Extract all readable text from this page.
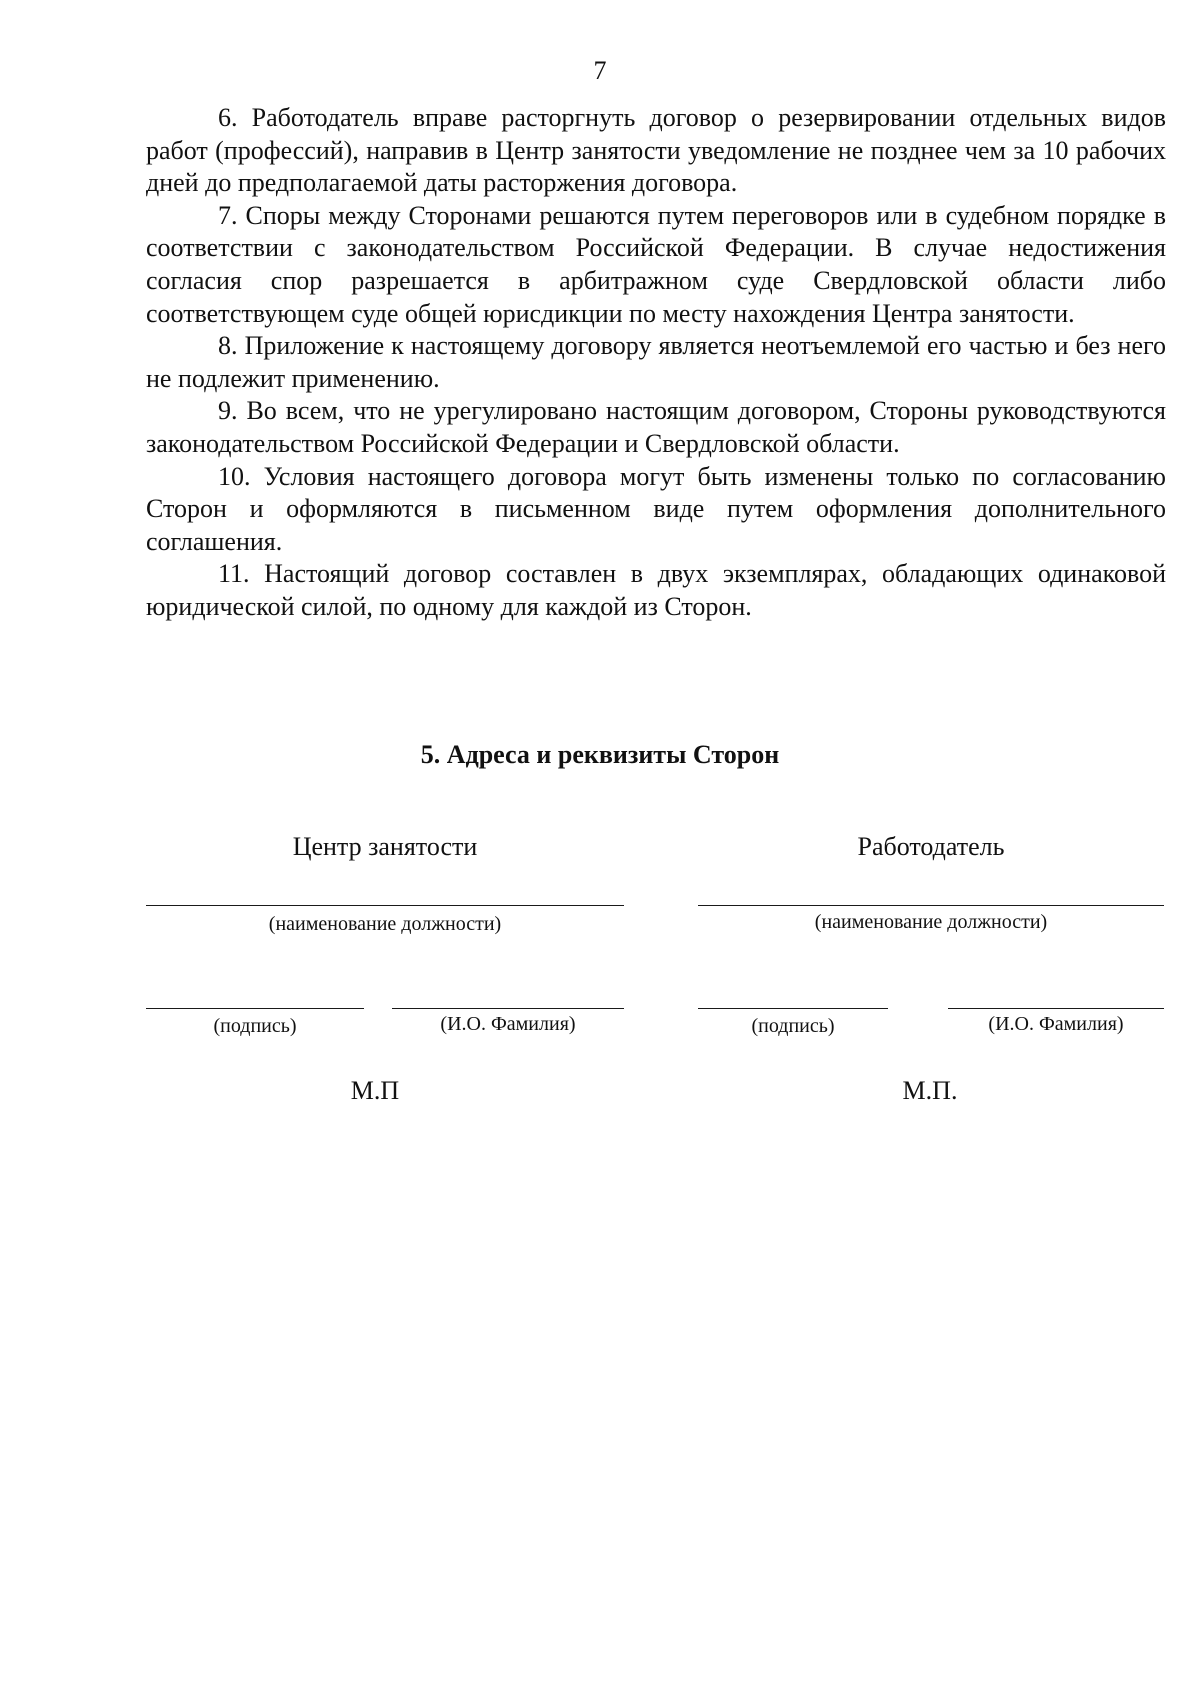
7

6. Работодатель вправе расторгнуть договор о резервировании отдельных видов работ (профессий), направив в Центр занятости уведомление не позднее чем за 10 рабочих дней до предполагаемой даты расторжения договора.

7. Споры между Сторонами решаются путем переговоров или в судебном порядке в соответствии с законодательством Российской Федерации. В случае недостижения согласия спор разрешается в арбитражном суде Свердловской области либо соответствующем суде общей юрисдикции по месту нахождения Центра занятости.

8. Приложение к настоящему договору является неотъемлемой его частью и без него не подлежит применению.

9. Во всем, что не урегулировано настоящим договором, Стороны руководствуются законодательством Российской Федерации и Свердловской области.

10. Условия настоящего договора могут быть изменены только по согласованию Сторон и оформляются в письменном виде путем оформления дополнительного соглашения.

11. Настоящий договор составлен в двух экземплярах, обладающих одинаковой юридической силой, по одному для каждой из Сторон.

5. Адреса и реквизиты Сторон
Центр занятости
(наименование должности)
(подпись)	(И.О. Фамилия)
М.П
Работодатель
(наименование должности)
(подпись)	(И.О. Фамилия)
М.П.
